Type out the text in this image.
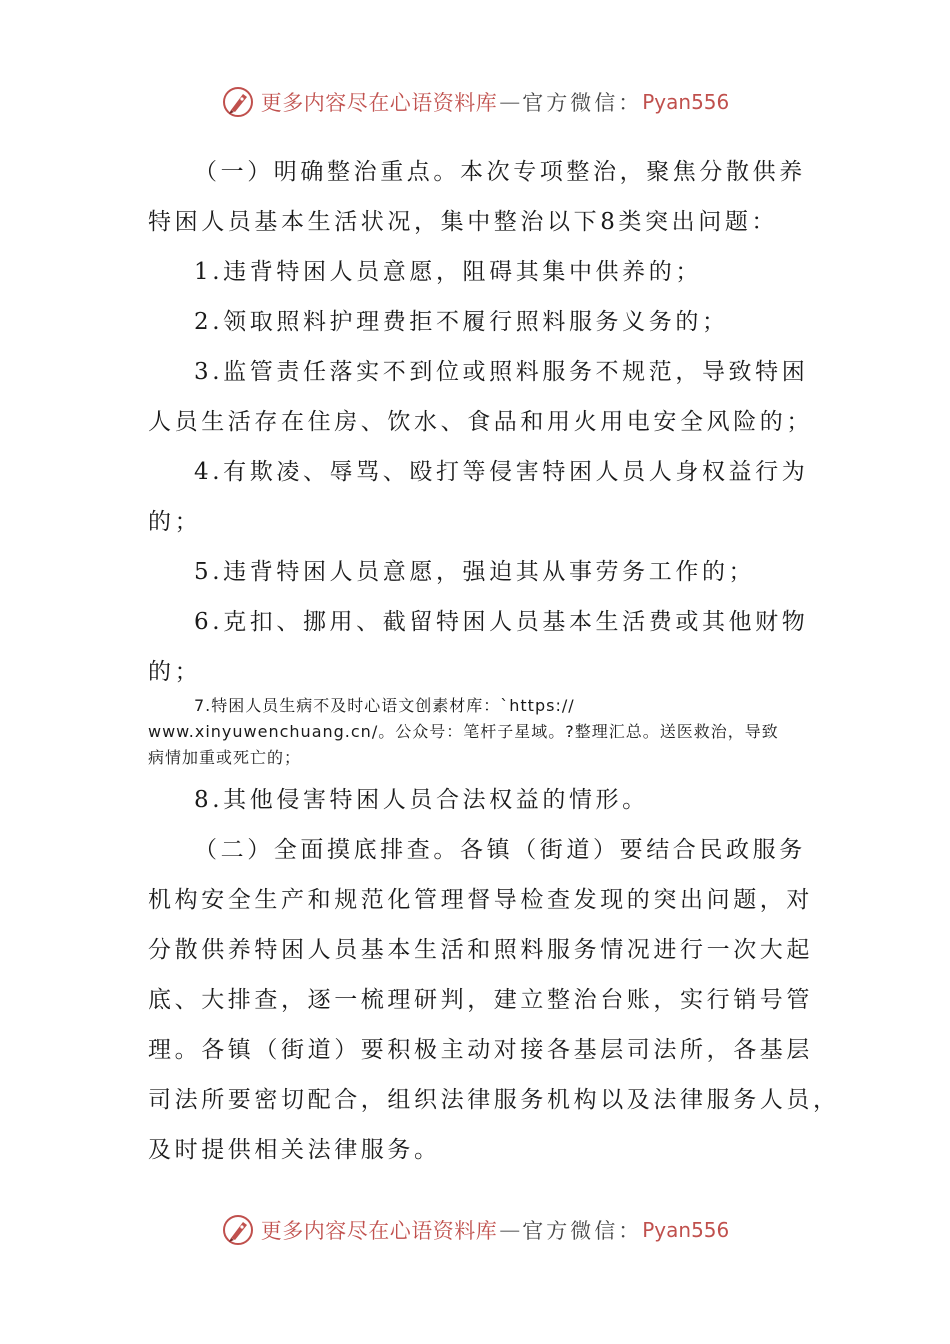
更多内容尽在心语资料库 — 官方微信： Pyan556
（一）明确整治重点。本次专项整治，聚焦分散供养
特困人员基本生活状况，集中整治以下8类突出问题：
1.违背特困人员意愿，阻碍其集中供养的；
2.领取照料护理费拒不履行照料服务义务的；
3.监管责任落实不到位或照料服务不规范，导致特困
人员生活存在住房、饮水、食品和用火用电安全风险的；
4.有欺凌、辱骂、殴打等侵害特困人员人身权益行为
的；
5.违背特困人员意愿，强迫其从事劳务工作的；
6.克扣、挪用、截留特困人员基本生活费或其他财物
的；
7.特困人员生病不及时心语文创素材库：`https://
www.xinyuwenchuang.cn/。公众号：笔杆子星域。?整理汇总。送医救治，导致
病情加重或死亡的；
8.其他侵害特困人员合法权益的情形。
（二）全面摸底排查。各镇（街道）要结合民政服务
机构安全生产和规范化管理督导检查发现的突出问题，对
分散供养特困人员基本生活和照料服务情况进行一次大起
底、大排查，逐一梳理研判，建立整治台账，实行销号管
理。各镇（街道）要积极主动对接各基层司法所，各基层
司法所要密切配合，组织法律服务机构以及法律服务人员，
及时提供相关法律服务。
更多内容尽在心语资料库 — 官方微信： Pyan556
